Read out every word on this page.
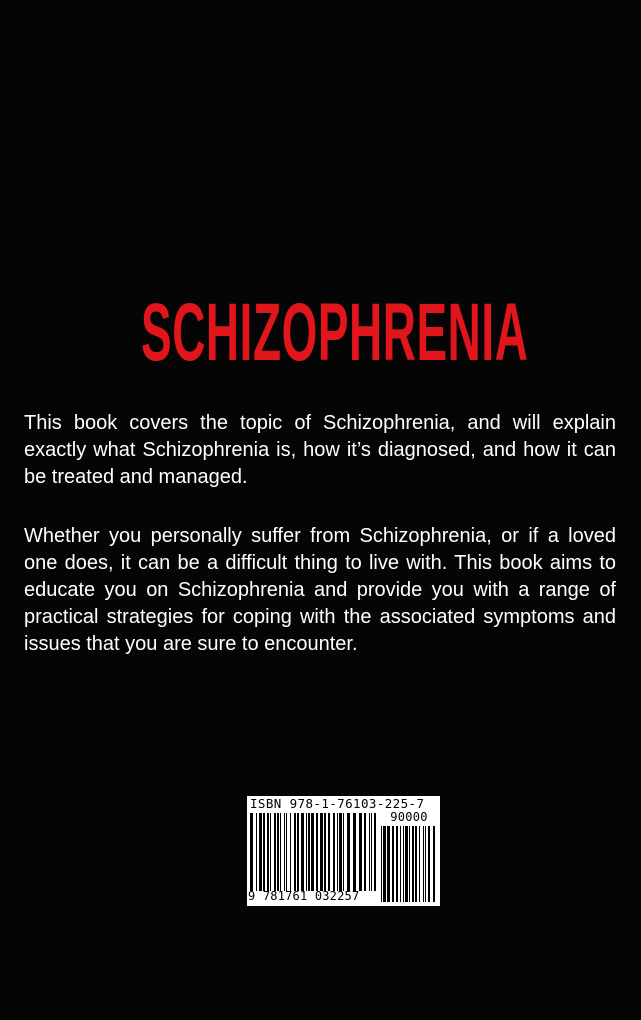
SCHIZOPHRENIA
This book covers the topic of Schizophrenia, and will explain exactly what Schizophrenia is, how it’s diagnosed, and how it can be treated and managed.
Whether you personally suffer from Schizophrenia, or if a loved one does, it can be a difficult thing to live with. This book aims to educate you on Schizophrenia and provide you with a range of practical strategies for coping with the associated symptoms and issues that you are sure to encounter.
ISBN 978-1-76103-225-7
90000
9 781761 032257
